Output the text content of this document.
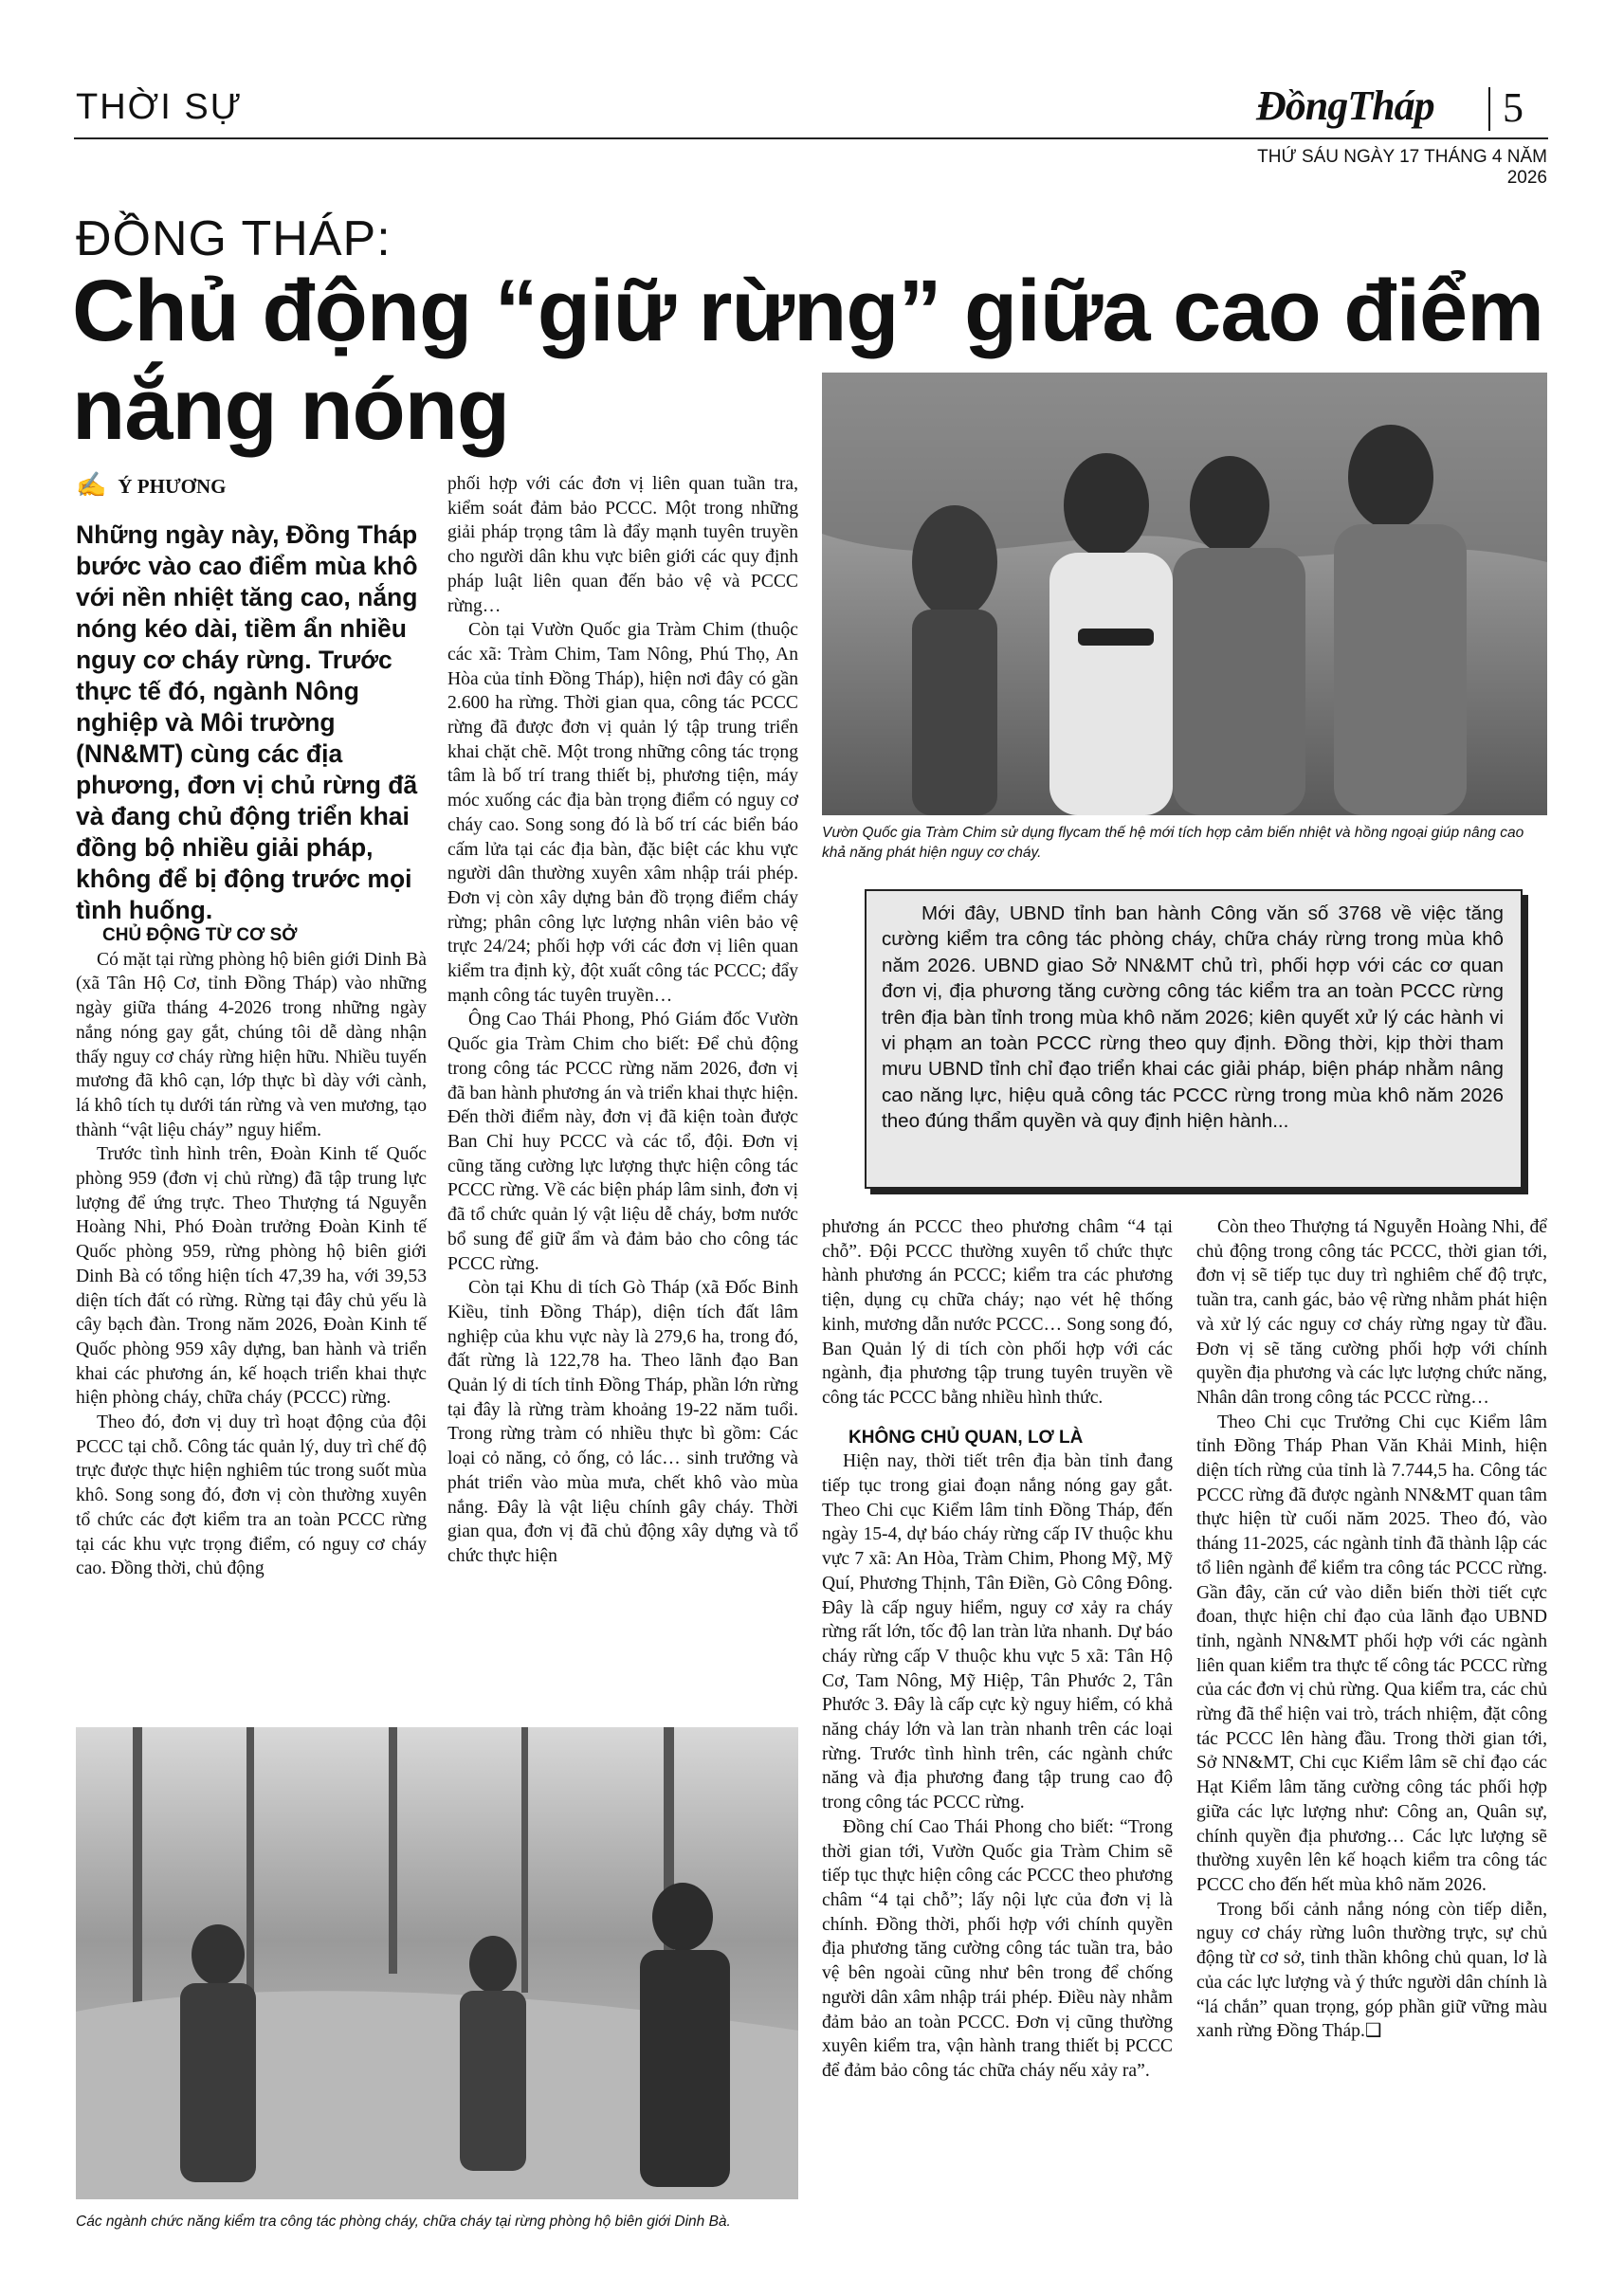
THỜI SỰ	ĐồngTháp 5
THỨ SÁU NGÀY 17 THÁNG 4 NĂM 2026
ĐỒNG THÁP:
Chủ động “giữ rừng” giữa cao điểm nắng nóng
✍ Ý PHƯƠNG
Những ngày này, Đồng Tháp bước vào cao điểm mùa khô với nền nhiệt tăng cao, nắng nóng kéo dài, tiềm ẩn nhiều nguy cơ cháy rừng. Trước thực tế đó, ngành Nông nghiệp và Môi trường (NN&MT) cùng các địa phương, đơn vị chủ rừng đã và đang chủ động triển khai đồng bộ nhiều giải pháp, không để bị động trước mọi tình huống.

CHỦ ĐỘNG TỪ CƠ SỞ

Có mặt tại rừng phòng hộ biên giới Dinh Bà (xã Tân Hộ Cơ, tỉnh Đồng Tháp) vào những ngày giữa tháng 4-2026 trong những ngày nắng nóng gay gắt, chúng tôi dễ dàng nhận thấy nguy cơ cháy rừng hiện hữu. Nhiều tuyến mương đã khô cạn, lớp thực bì dày với cành, lá khô tích tụ dưới tán rừng và ven mương, tạo thành “vật liệu cháy” nguy hiểm.

Trước tình hình trên, Đoàn Kinh tế Quốc phòng 959 (đơn vị chủ rừng) đã tập trung lực lượng để ứng trực. Theo Thượng tá Nguyễn Hoàng Nhi, Phó Đoàn trưởng Đoàn Kinh tế Quốc phòng 959, rừng phòng hộ biên giới Dinh Bà có tổng hiện tích 47,39 ha, với 39,53 diện tích đất có rừng. Rừng tại đây chủ yếu là cây bạch đàn. Trong năm 2026, Đoàn Kinh tế Quốc phòng 959 xây dựng, ban hành và triển khai các phương án, kế hoạch triển khai thực hiện phòng cháy, chữa cháy (PCCC) rừng.

Theo đó, đơn vị duy trì hoạt động của đội PCCC tại chỗ. Công tác quản lý, duy trì chế độ trực được thực hiện nghiêm túc trong suốt mùa khô. Song song đó, đơn vị còn thường xuyên tổ chức các đợt kiểm tra an toàn PCCC rừng tại các khu vực trọng điểm, có nguy cơ cháy cao. Đồng thời, chủ động

phối hợp với các đơn vị liên quan tuần tra, kiểm soát đảm bảo PCCC. Một trong những giải pháp trọng tâm là đẩy mạnh tuyên truyền cho người dân khu vực biên giới các quy định pháp luật liên quan đến bảo vệ và PCCC rừng…

Còn tại Vườn Quốc gia Tràm Chim (thuộc các xã: Tràm Chim, Tam Nông, Phú Thọ, An Hòa của tỉnh Đồng Tháp), hiện nơi đây có gần 2.600 ha rừng. Thời gian qua, công tác PCCC rừng đã được đơn vị quản lý tập trung triển khai chặt chẽ. Một trong những công tác trọng tâm là bố trí trang thiết bị, phương tiện, máy móc xuống các địa bàn trọng điểm có nguy cơ cháy cao. Song song đó là bố trí các biển báo cấm lửa tại các địa bàn, đặc biệt các khu vực người dân thường xuyên xâm nhập trái phép. Đơn vị còn xây dựng bản đồ trọng điểm cháy rừng; phân công lực lượng nhân viên bảo vệ trực 24/24; phối hợp với các đơn vị liên quan kiểm tra định kỳ, đột xuất công tác PCCC; đẩy mạnh công tác tuyên truyền…

Ông Cao Thái Phong, Phó Giám đốc Vườn Quốc gia Tràm Chim cho biết: Để chủ động trong công tác PCCC rừng năm 2026, đơn vị đã ban hành phương án và triển khai thực hiện. Đến thời điểm này, đơn vị đã kiện toàn được Ban Chỉ huy PCCC và các tổ, đội. Đơn vị cũng tăng cường lực lượng thực hiện công tác PCCC rừng. Về các biện pháp lâm sinh, đơn vị đã tổ chức quản lý vật liệu dễ cháy, bơm nước bổ sung để giữ ẩm và đảm bảo cho công tác PCCC rừng.

Còn tại Khu di tích Gò Tháp (xã Đốc Binh Kiều, tỉnh Đồng Tháp), diện tích đất lâm nghiệp của khu vực này là 279,6 ha, trong đó, đất rừng là 122,78 ha. Theo lãnh đạo Ban Quản lý di tích tỉnh Đồng Tháp, phần lớn rừng tại đây là rừng tràm khoảng 19-22 năm tuổi. Trong rừng tràm có nhiều thực bì gồm: Các loại cỏ năng, cỏ ống, cỏ lác… sinh trưởng và phát triển vào mùa mưa, chết khô vào mùa nắng. Đây là vật liệu chính gây cháy. Thời gian qua, đơn vị đã chủ động xây dựng và tổ chức thực hiện

Vườn Quốc gia Tràm Chim sử dụng flycam thế hệ mới tích hợp cảm biến nhiệt và hồng ngoại giúp nâng cao khả năng phát hiện nguy cơ cháy.
Mới đây, UBND tỉnh ban hành Công văn số 3768 về việc tăng cường kiểm tra công tác phòng cháy, chữa cháy rừng trong mùa khô năm 2026. UBND giao Sở NN&MT chủ trì, phối hợp với các cơ quan đơn vị, địa phương tăng cường công tác kiểm tra an toàn PCCC rừng trên địa bàn tỉnh trong mùa khô năm 2026; kiên quyết xử lý các hành vi vi phạm an toàn PCCC rừng theo quy định. Đồng thời, kịp thời tham mưu UBND tỉnh chỉ đạo triển khai các giải pháp, biện pháp nhằm nâng cao năng lực, hiệu quả công tác PCCC rừng trong mùa khô năm 2026 theo đúng thẩm quyền và quy định hiện hành...

phương án PCCC theo phương châm “4 tại chỗ”. Đội PCCC thường xuyên tổ chức thực hành phương án PCCC; kiểm tra các phương tiện, dụng cụ chữa cháy; nạo vét hệ thống kinh, mương dẫn nước PCCC… Song song đó, Ban Quản lý di tích còn phối hợp với các ngành, địa phương tập trung tuyên truyền về công tác PCCC bằng nhiều hình thức.

KHÔNG CHỦ QUAN, LƠ LÀ

Hiện nay, thời tiết trên địa bàn tỉnh đang tiếp tục trong giai đoạn nắng nóng gay gắt. Theo Chi cục Kiểm lâm tỉnh Đồng Tháp, đến ngày 15-4, dự báo cháy rừng cấp IV thuộc khu vực 7 xã: An Hòa, Tràm Chim, Phong Mỹ, Mỹ Quí, Phương Thịnh, Tân Điền, Gò Công Đông. Đây là cấp nguy hiểm, nguy cơ xảy ra cháy rừng rất lớn, tốc độ lan tràn lửa nhanh. Dự báo cháy rừng cấp V thuộc khu vực 5 xã: Tân Hộ Cơ, Tam Nông, Mỹ Hiệp, Tân Phước 2, Tân Phước 3. Đây là cấp cực kỳ nguy hiểm, có khả năng cháy lớn và lan tràn nhanh trên các loại rừng. Trước tình hình trên, các ngành chức năng và địa phương đang tập trung cao độ trong công tác PCCC rừng.

Đồng chí Cao Thái Phong cho biết: “Trong thời gian tới, Vườn Quốc gia Tràm Chim sẽ tiếp tục thực hiện công các PCCC theo phương châm “4 tại chỗ”; lấy nội lực của đơn vị là chính. Đồng thời, phối hợp với chính quyền địa phương tăng cường công tác tuần tra, bảo vệ bên ngoài cũng như bên trong để chống người dân xâm nhập trái phép. Điều này nhằm đảm bảo an toàn PCCC. Đơn vị cũng thường xuyên kiểm tra, vận hành trang thiết bị PCCC để đảm bảo công tác chữa cháy nếu xảy ra”.

Còn theo Thượng tá Nguyễn Hoàng Nhi, để chủ động trong công tác PCCC, thời gian tới, đơn vị sẽ tiếp tục duy trì nghiêm chế độ trực, tuần tra, canh gác, bảo vệ rừng nhằm phát hiện và xử lý các nguy cơ cháy rừng ngay từ đầu. Đơn vị sẽ tăng cường phối hợp với chính quyền địa phương và các lực lượng chức năng, Nhân dân trong công tác PCCC rừng…

Theo Chi cục Trưởng Chi cục Kiểm lâm tỉnh Đồng Tháp Phan Văn Khải Minh, hiện diện tích rừng của tỉnh là 7.744,5 ha. Công tác PCCC rừng đã được ngành NN&MT quan tâm thực hiện từ cuối năm 2025. Theo đó, vào tháng 11-2025, các ngành tỉnh đã thành lập các tổ liên ngành để kiểm tra công tác PCCC rừng. Gần đây, căn cứ vào diễn biến thời tiết cực đoan, thực hiện chỉ đạo của lãnh đạo UBND tỉnh, ngành NN&MT phối hợp với các ngành liên quan kiểm tra thực tế công tác PCCC rừng của các đơn vị chủ rừng. Qua kiểm tra, các chủ rừng đã thể hiện vai trò, trách nhiệm, đặt công tác PCCC lên hàng đầu. Trong thời gian tới, Sở NN&MT, Chi cục Kiểm lâm sẽ chỉ đạo các Hạt Kiểm lâm tăng cường công tác phối hợp giữa các lực lượng như: Công an, Quân sự, chính quyền địa phương… Các lực lượng sẽ thường xuyên lên kế hoạch kiểm tra công tác PCCC cho đến hết mùa khô năm 2026.

Trong bối cảnh nắng nóng còn tiếp diễn, nguy cơ cháy rừng luôn thường trực, sự chủ động từ cơ sở, tinh thần không chủ quan, lơ là của các lực lượng và ý thức người dân chính là “lá chắn” quan trọng, góp phần giữ vững màu xanh rừng Đồng Tháp.❑

Các ngành chức năng kiểm tra công tác phòng cháy, chữa cháy tại rừng phòng hộ biên giới Dinh Bà.
